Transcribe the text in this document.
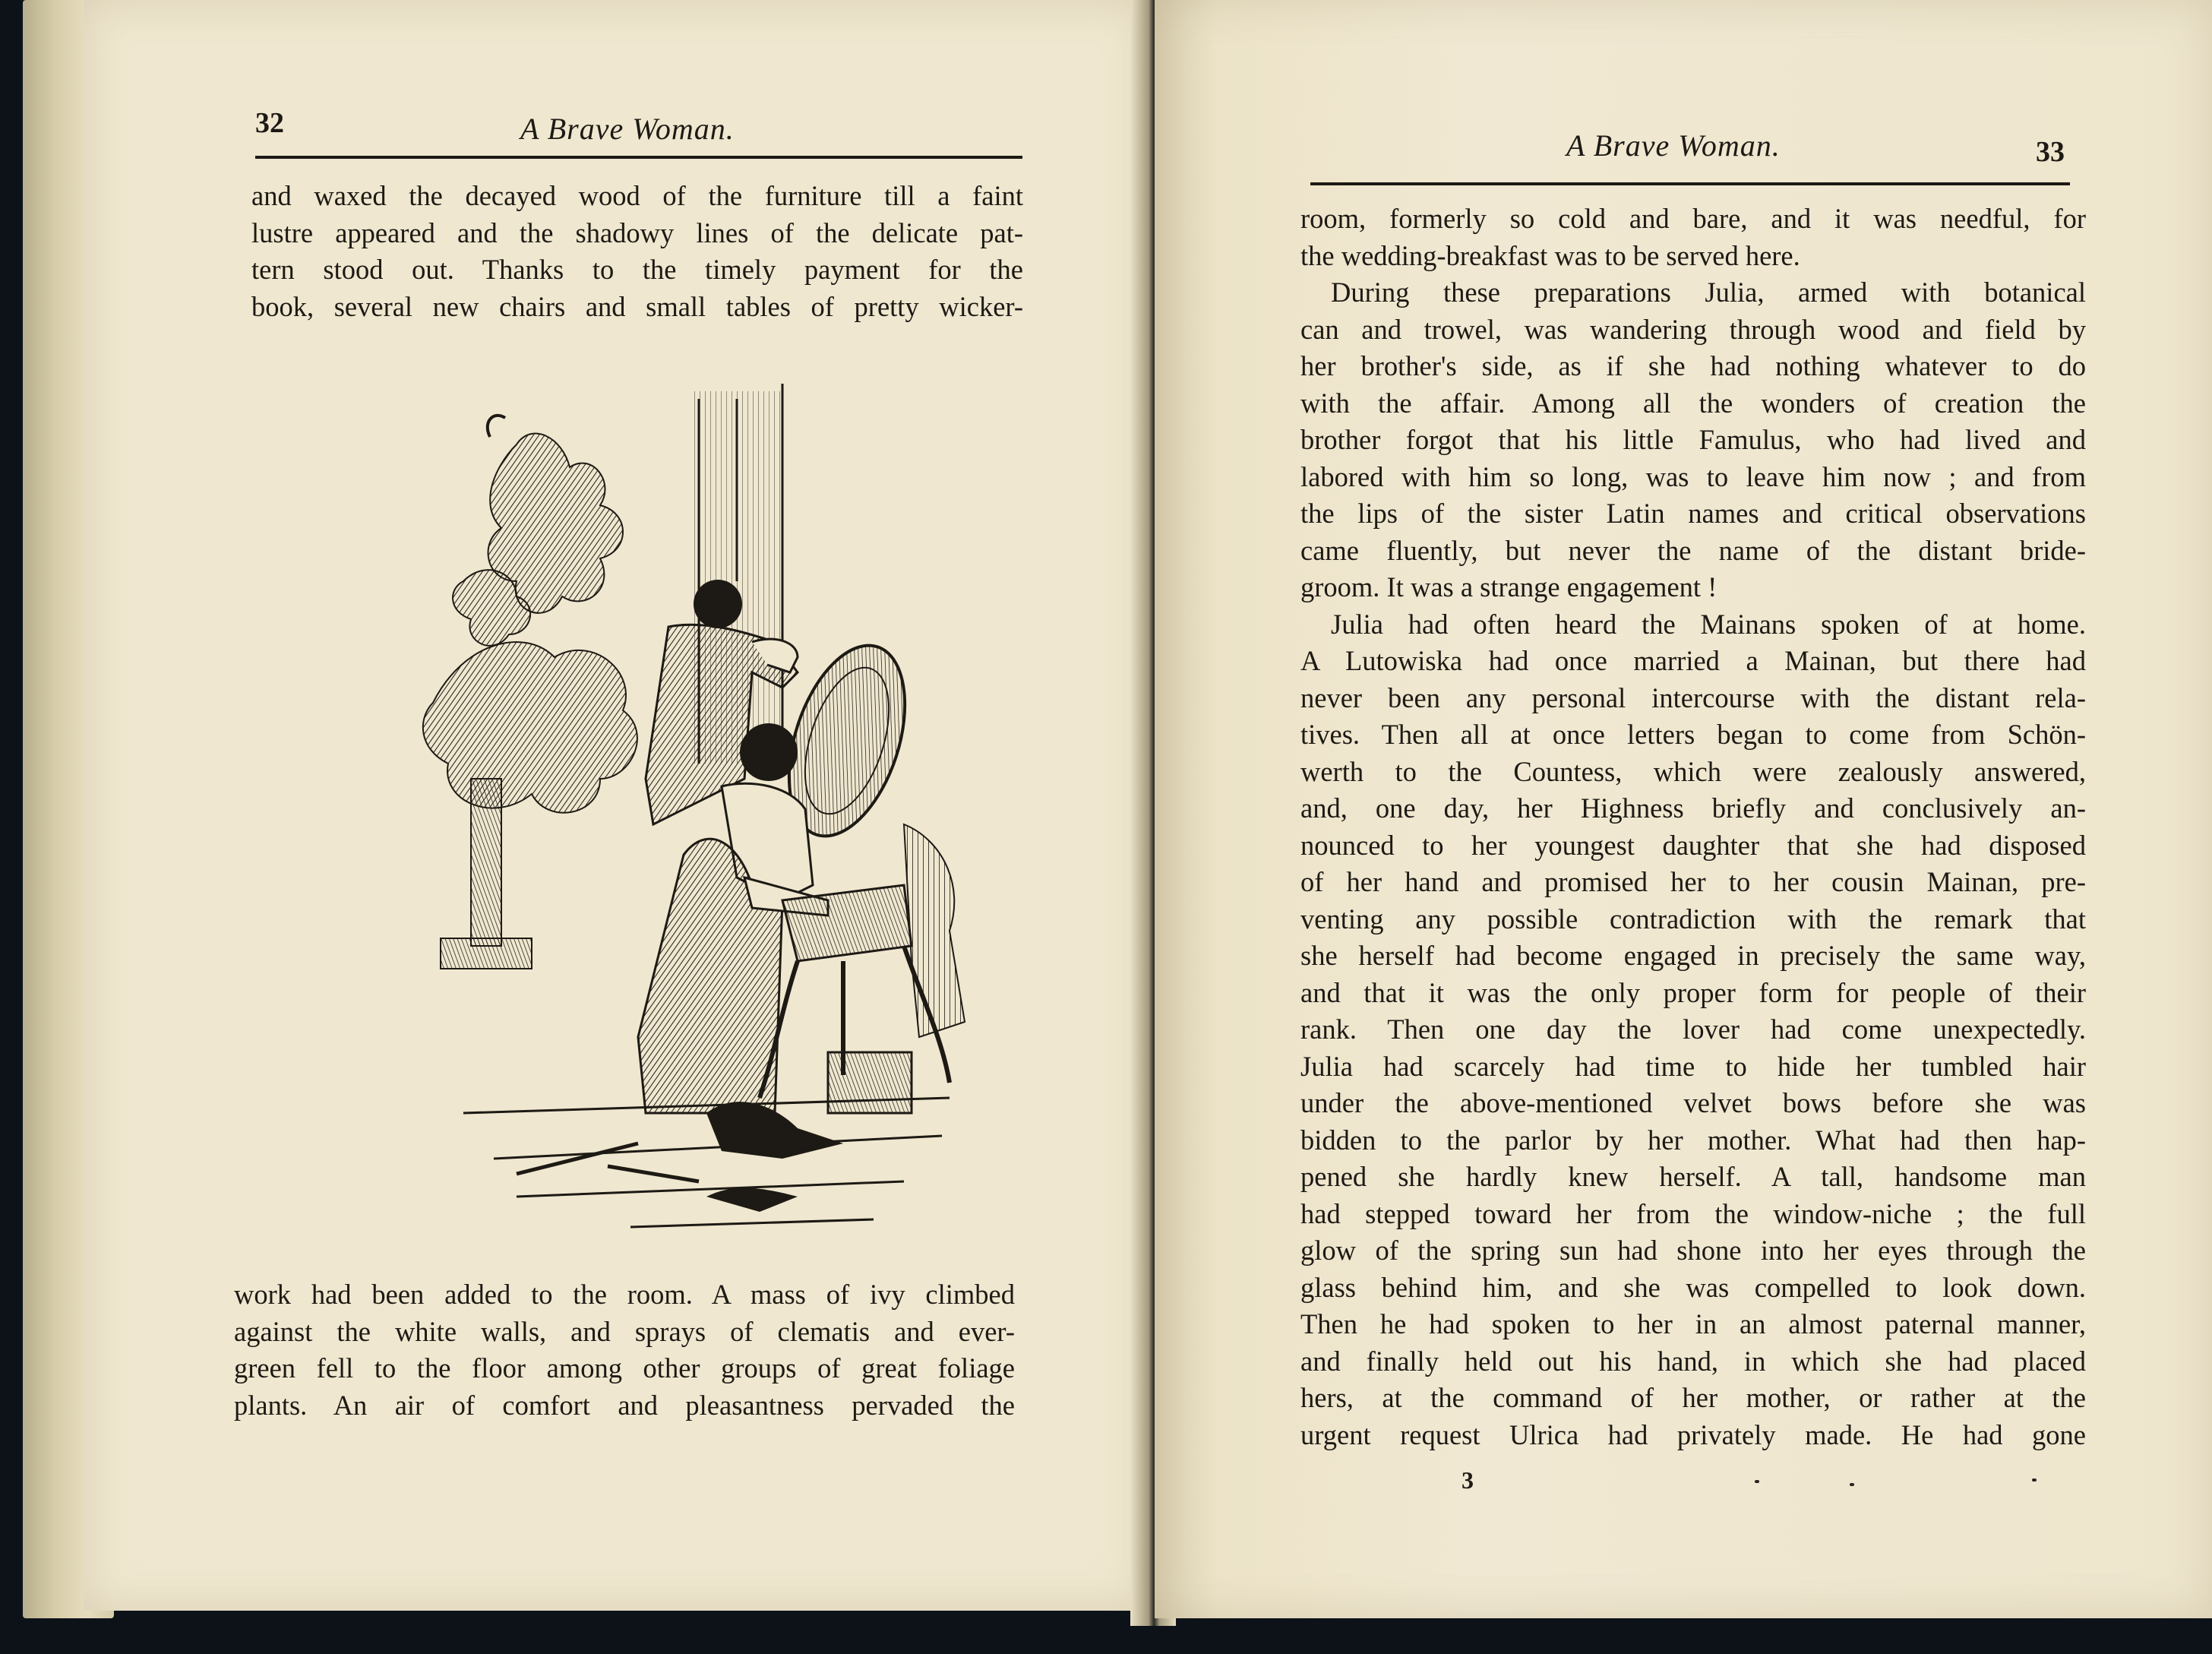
32	A Brave Woman.
and waxed the decayed wood of the furniture till a faint
lustre appeared and the shadowy lines of the delicate pat-
tern stood out. Thanks to the timely payment for the
book, several new chairs and small tables of pretty wicker-
work had been added to the room. A mass of ivy climbed
against the white walls, and sprays of clematis and ever-
green fell to the floor among other groups of great foliage
plants. An air of comfort and pleasantness pervaded the
A Brave Woman.	33
room, formerly so cold and bare, and it was needful, for
the wedding-breakfast was to be served here.
During these preparations Julia, armed with botanical
can and trowel, was wandering through wood and field by
her brother's side, as if she had nothing whatever to do
with the affair. Among all the wonders of creation the
brother forgot that his little Famulus, who had lived and
labored with him so long, was to leave him now ; and from
the lips of the sister Latin names and critical observations
came fluently, but never the name of the distant bride-
groom. It was a strange engagement !
Julia had often heard the Mainans spoken of at home.
A Lutowiska had once married a Mainan, but there had
never been any personal intercourse with the distant rela-
tives. Then all at once letters began to come from Schön-
werth to the Countess, which were zealously answered,
and, one day, her Highness briefly and conclusively an-
nounced to her youngest daughter that she had disposed
of her hand and promised her to her cousin Mainan, pre-
venting any possible contradiction with the remark that
she herself had become engaged in precisely the same way,
and that it was the only proper form for people of their
rank. Then one day the lover had come unexpectedly.
Julia had scarcely had time to hide her tumbled hair
under the above-mentioned velvet bows before she was
bidden to the parlor by her mother. What had then hap-
pened she hardly knew herself. A tall, handsome man
had stepped toward her from the window-niche ; the full
glow of the spring sun had shone into her eyes through the
glass behind him, and she was compelled to look down.
Then he had spoken to her in an almost paternal manner,
and finally held out his hand, in which she had placed
hers, at the command of her mother, or rather at the
urgent request Ulrica had privately made. He had gone
3
